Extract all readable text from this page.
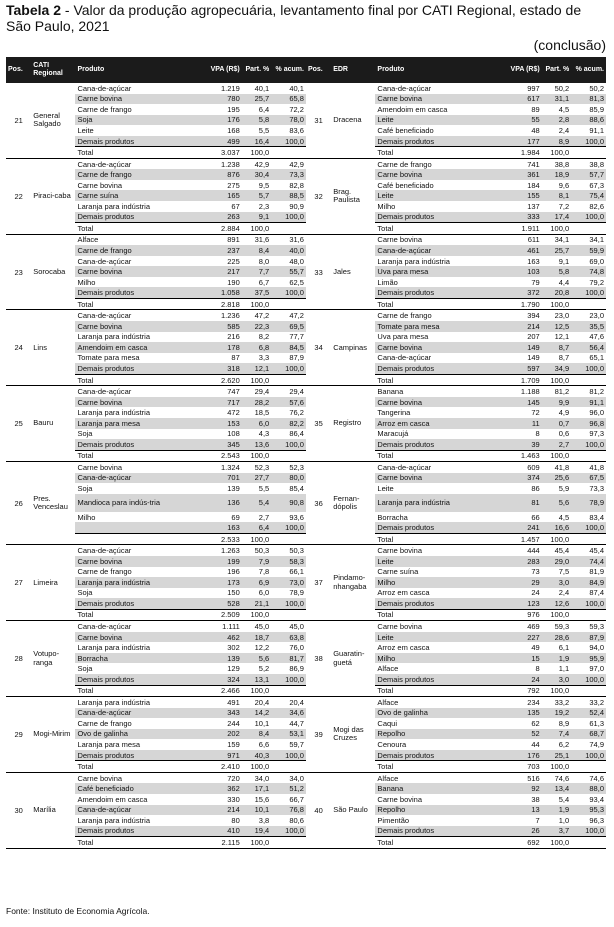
Tabela 2 - Valor da produção agropecuária, levantamento final por CATI Regional, estado de São Paulo, 2021
(conclusão)
Pos.	CATI Regional	Produto	VPA (R$)	Part. %	% acum.	Pos.	EDR	Produto	VPA (R$)	Part. %	% acum.
21	General Salgado	Cana-de-açúcar	1.219	40,1	40,1	31	Dracena	Cana-de-açúcar	997	50,2	50,2
		Carne bovina	780	25,7	65,8			Carne bovina	617	31,1	81,3
		Carne de frango	195	6,4	72,2			Amendoim em casca	89	4,5	85,9
		Soja	176	5,8	78,0			Leite	55	2,8	88,6
		Leite	168	5,5	83,6			Café beneficiado	48	2,4	91,1
		Demais produtos	499	16,4	100,0			Demais produtos	177	8,9	100,0
		Total	3.037	100,0				Total	1.984	100,0	
22	Piraci-caba	Cana-de-açúcar	1.238	42,9	42,9	32	Brag. Paulista	Carne de frango	741	38,8	38,8
		Carne de frango	876	30,4	73,3			Carne bovina	361	18,9	57,7
		Carne bovina	275	9,5	82,8			Café beneficiado	184	9,6	67,3
		Carne suína	165	5,7	88,5			Leite	155	8,1	75,4
		Laranja para indústria	67	2,3	90,9			Milho	137	7,2	82,6
		Demais produtos	263	9,1	100,0			Demais produtos	333	17,4	100,0
		Total	2.884	100,0				Total	1.911	100,0	
23	Sorocaba	Alface	891	31,6	31,6	33	Jales	Carne bovina	611	34,1	34,1
		Carne de frango	237	8,4	40,0			Cana-de-açúcar	461	25,7	59,9
		Cana-de-açúcar	225	8,0	48,0			Laranja para indústria	163	9,1	69,0
		Carne bovina	217	7,7	55,7			Uva para mesa	103	5,8	74,8
		Milho	190	6,7	62,5			Limão	79	4,4	79,2
		Demais produtos	1.058	37,5	100,0			Demais produtos	372	20,8	100,0
		Total	2.818	100,0				Total	1.790	100,0	
24	Lins	Cana-de-açúcar	1.236	47,2	47,2	34	Campinas	Carne de frango	394	23,0	23,0
		Carne bovina	585	22,3	69,5			Tomate para mesa	214	12,5	35,5
		Laranja para indústria	216	8,2	77,7			Uva para mesa	207	12,1	47,6
		Amendoim em casca	178	6,8	84,5			Carne bovina	149	8,7	56,4
		Tomate para mesa	87	3,3	87,9			Cana-de-açúcar	149	8,7	65,1
		Demais produtos	318	12,1	100,0			Demais produtos	597	34,9	100,0
		Total	2.620	100,0				Total	1.709	100,0	
25	Bauru	Cana-de-açúcar	747	29,4	29,4	35	Registro	Banana	1.188	81,2	81,2
		Carne bovina	717	28,2	57,6			Carne bovina	145	9,9	91,1
		Laranja para indústria	472	18,5	76,2			Tangerina	72	4,9	96,0
		Laranja para mesa	153	6,0	82,2			Arroz em casca	11	0,7	96,8
		Soja	108	4,3	86,4			Maracujá	8	0,6	97,3
		Demais produtos	345	13,6	100,0			Demais produtos	39	2,7	100,0
		Total	2.543	100,0				Total	1.463	100,0	
26	Pres. Venceslau	Carne bovina	1.324	52,3	52,3	36	Fernan-dópolis	Cana-de-açúcar	609	41,8	41,8
		Cana-de-açúcar	701	27,7	80,0			Carne bovina	374	25,6	67,5
		Soja	139	5,5	85,4			Leite	86	5,9	73,3
		Mandioca para indús-tria	136	5,4	90,8			Laranja para indústria	81	5,6	78,9
		Milho	69	2,7	93,6			Borracha	66	4,5	83,4
			163	6,4	100,0			Demais produtos	241	16,6	100,0
			2.533	100,0				Total	1.457	100,0	
27	Limeira	Cana-de-açúcar	1.263	50,3	50,3	37	Pindamo-nhangaba	Carne bovina	444	45,4	45,4
		Carne bovina	199	7,9	58,3			Leite	283	29,0	74,4
		Carne de frango	196	7,8	66,1			Carne suína	73	7,5	81,9
		Laranja para indústria	173	6,9	73,0			Milho	29	3,0	84,9
		Soja	150	6,0	78,9			Arroz em casca	24	2,4	87,4
		Demais produtos	528	21,1	100,0			Demais produtos	123	12,6	100,0
		Total	2.509	100,0				Total	976	100,0	
28	Votupo-ranga	Cana-de-açúcar	1.111	45,0	45,0	38	Guaratin-guetá	Carne bovina	469	59,3	59,3
		Carne bovina	462	18,7	63,8			Leite	227	28,6	87,9
		Laranja para indústria	302	12,2	76,0			Arroz em casca	49	6,1	94,0
		Borracha	139	5,6	81,7			Milho	15	1,9	95,9
		Soja	129	5,2	86,9			Alface	8	1,1	97,0
		Demais produtos	324	13,1	100,0			Demais produtos	24	3,0	100,0
		Total	2.466	100,0				Total	792	100,0	
29	Mogi-Mirim	Laranja para indústria	491	20,4	20,4	39	Mogi das Cruzes	Alface	234	33,2	33,2
		Cana-de-açúcar	343	14,2	34,6			Ovo de galinha	135	19,2	52,4
		Carne de frango	244	10,1	44,7			Caqui	62	8,9	61,3
		Ovo de galinha	202	8,4	53,1			Repolho	52	7,4	68,7
		Laranja para mesa	159	6,6	59,7			Cenoura	44	6,2	74,9
		Demais produtos	971	40,3	100,0			Demais produtos	176	25,1	100,0
		Total	2.410	100,0				Total	703	100,0	
30	Marília	Carne bovina	720	34,0	34,0	40	São Paulo	Alface	516	74,6	74,6
		Café beneficiado	362	17,1	51,2			Banana	92	13,4	88,0
		Amendoim em casca	330	15,6	66,7			Carne bovina	38	5,4	93,4
		Cana-de-açúcar	214	10,1	76,8			Repolho	13	1,9	95,3
		Laranja para indústria	80	3,8	80,6			Pimentão	7	1,0	96,3
		Demais produtos	410	19,4	100,0			Demais produtos	26	3,7	100,0
		Total	2.115	100,0				Total	692	100,0	
Fonte: Instituto de Economia Agrícola.
